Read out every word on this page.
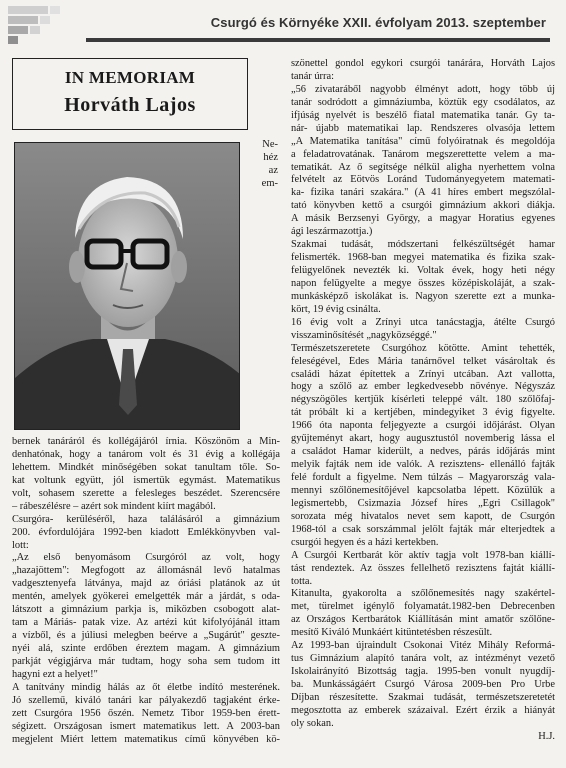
Csurgó és Környéke XXII. évfolyam 2013. szeptember
IN MEMORIAM
Horváth Lajos
Ne-
héz
az
em-
bernek tanáráról és kollégájáról írnia. Köszönöm a Min-
denhatónak, hogy a tanárom volt és 31 évig a kollégája
lehettem. Mindkét minőségében sokat tanultam tőle. So-
kat voltunk együtt, jól ismertük egymást. Matematikus
volt, sohasem szerette a felesleges beszédet. Szerencsére
– rábeszélésre – azért sok mindent kiírt magából.
Csurgóra- kerüléséről, haza találásáról a gimnázium
200. évfordulójára 1992-ben kiadott Emlékkönyvben val-
lott:
„Az első benyomásom Csurgóról az volt, hogy
„hazajöttem": Megfogott az állomásnál levő hatalmas
vadgesztenyefa látványa, majd az óriási platánok az út
mentén, amelyek gyökerei emelgették már a járdát, s oda-
látszott a gimnázium parkja is, miközben csobogott alat-
tam a Máriás- patak vize. Az artézi kút kifolyójánál ittam
a vízből, és a júliusi melegben beérve a „Sugárút" geszte-
nyéi alá, szinte erdőben éreztem magam. A gimnázium
parkját végigjárva már tudtam, hogy soha sem tudom itt
hagyni ezt a helyet!"
A tanítvány mindig hálás az őt életbe indító mesterének.
Jó szellemű, kiváló tanári kar pályakezdő tagjaként érke-
zett Csurgóra 1956 őszén. Nemetz Tibor 1959-ben érett-
ségizett. Országosan ismert matematikus lett. A 2003-ban
megjelent Miért lettem matematikus című könyvében kö-
szönettel gondol egykori csurgói tanárára, Horváth Lajos
tanár úrra:
„56 zivataráből nagyobb élményt adott, hogy több új
tanár sodródott a gimnáziumba, köztük egy csodálatos, az
ifjúság nyelvét is beszélő fiatal matematika tanár. Gy ta-
nár- újabb matematikai lap. Rendszeres olvasója lettem
„A Matematika tanítása" című folyóiratnak és megoldója
a feladatrovatának. Tanárom megszerettette velem a ma-
tematikát. Az ő segítsége nélkül aligha nyerhettem volna
felvételt az Eötvös Loránd Tudományegyetem matemati-
ka- fizika tanári szakára." (A 41 híres embert megszólal-
tató könyvben kettő a csurgói gimnázium akkori diákja.
A másik Berzsenyi György, a magyar Horatius egyenes
ági leszármazottja.)
Szakmai tudását, módszertani felkészültségét hamar
felismerték. 1968-ban megyei matematika és fizika szak-
felügyelőnek nevezték ki. Voltak évek, hogy heti négy
napon felügyelte a megye összes középiskoláját, a szak-
munkásképző iskolákat is. Nagyon szerette ezt a munka-
kört, 19 évig csinálta.
16 évig volt a Zrínyi utca tanácstagja, átélte Csurgó
visszaminősítését „nagyközséggé."
Természetszeretete Csurgóhoz kötötte. Amint tehették,
feleségével, Édes Mária tanárnővel telket vásároltak és
családi házat építettek a Zrínyi utcában. Azt vallotta,
hogy a szőlő az ember legkedvesebb növénye. Négyszáz
négyszögöles kertjük kísérleti teleppé vált. 180 szőlőfaj-
tát próbált ki a kertjében, mindegyiket 3 évig figyelte.
1966 óta naponta feljegyezte a csurgói időjárást. Olyan
gyűjteményt akart, hogy augusztustól novemberig lássa el
a családot Hamar kiderült, a nedves, párás időjárás mint
melyik fajták nem ide valók. A rezisztens- ellenálló fajták
felé fordult a figyelme. Nem túlzás – Magyarország vala-
mennyi szőlőnemesítőjével kapcsolatba lépett. Közülük a
legismertebb, Csizmazia József híres „Egri Csillagok"
sorozata még hivatalos nevet sem kapott, de Csurgón
1968-tól a csak sorszámmal jelölt fajták már elterjedtek a
csurgói hegyen és a házi kertekben.
A Csurgói Kertbarát kör aktív tagja volt 1978-ban kiállí-
tást rendeztek. Az összes fellelhető rezisztens fajtát kiállí-
totta.
Kitanulta, gyakorolta a szőlőnemesítés nagy szakértel-
met, türelmet igénylő folyamatát.1982-ben Debrecenben
az Országos Kertbarátok Kiállításán mint amatőr szőlőne-
mesítő Kiváló Munkáért kitüntetésben részesült.
Az 1993-ban újraindult Csokonai Vitéz Mihály Reformá-
tus Gimnázium alapító tanára volt, az intézményt vezető
Iskolairányító Bizottság tagja. 1995-ben vonult nyugdíj-
ba. Munkásságáért Csurgó Városa 2009-ben Pro Urbe
Díjban részesítette. Szakmai tudását, természetszeretetét
megosztotta az emberek százaival. Ezért érzik a hiányát
oly sokan.
H.J.
